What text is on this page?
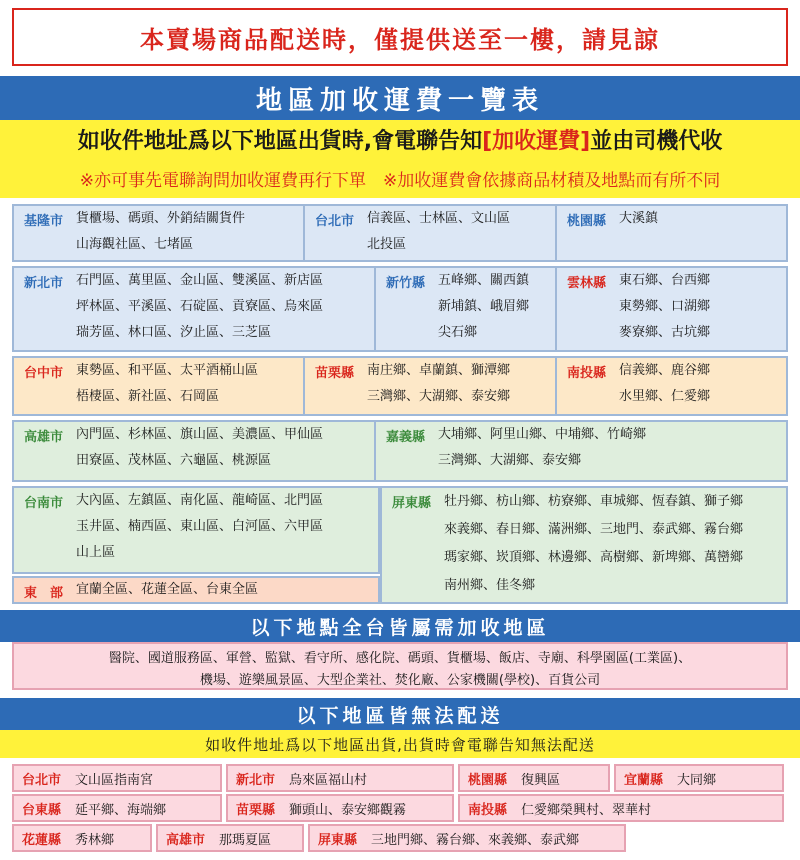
本賣場商品配送時，僅提供送至一樓，請見諒
地區加收運費一覽表
如收件地址爲以下地區出貨時,會電聯告知 [加收運費] 並由司機代收
※亦可事先電聯詢問加收運費再行下單　※加收運費會依據商品材積及地點而有所不同
基隆市 貨櫃場、碼頭、外銷結關貨件
山海觀社區、七堵區
台北市 信義區、士林區、文山區
北投區
桃園縣 大溪鎮
新北市 石門區、萬里區、金山區、雙溪區、新店區
坪林區、平溪區、石碇區、貢寮區、烏來區
瑞芳區、林口區、汐止區、三芝區
新竹縣 五峰鄉、關西鎮
新埔鎮、峨眉鄉
尖石鄉
雲林縣 東石鄉、台西鄉
東勢鄉、口湖鄉
麥寮鄉、古坑鄉
台中市 東勢區、和平區、太平酒桶山區
梧棲區、新社區、石岡區
苗栗縣 南庄鄉、卓蘭鎮、獅潭鄉
三灣鄉、大湖鄉、泰安鄉
南投縣 信義鄉、鹿谷鄉
水里鄉、仁愛鄉
高雄市 內門區、杉林區、旗山區、美濃區、甲仙區
田寮區、茂林區、六龜區、桃源區
嘉義縣 大埔鄉、阿里山鄉、中埔鄉、竹崎鄉
三灣鄉、大湖鄉、泰安鄉
台南市 大內區、左鎮區、南化區、龍崎區、北門區
玉井區、楠西區、東山區、白河區、六甲區
山上區
東　部 宜蘭全區、花蓮全區、台東全區
屏東縣 牡丹鄉、枋山鄉、枋寮鄉、車城鄉、恆春鎮、獅子鄉
來義鄉、春日鄉、滿洲鄉、三地門、泰武鄉、霧台鄉
瑪家鄉、崁頂鄉、林邊鄉、高樹鄉、新埤鄉、萬巒鄉
南州鄉、佳冬鄉
以下地點全台皆屬需加收地區
醫院、國道服務區、軍營、監獄、看守所、感化院、碼頭、貨櫃場、飯店、寺廟、科學園區(工業區)、
機場、遊樂風景區、大型企業社、焚化廠、公家機關(學校)、百貨公司
以下地區皆無法配送
如收件地址爲以下地區出貨,出貨時會電聯告知無法配送
台北市	文山區指南宮	新北市	烏來區福山村	桃園縣	復興區	宜蘭縣	大同鄉
台東縣	延平鄉、海端鄉	苗栗縣	獅頭山、泰安鄉觀霧	南投縣	仁愛鄉榮興村、翠華村
花蓮縣	秀林鄉	高雄市	那瑪夏區	屏東縣	三地門鄉、霧台鄉、來義鄉、泰武鄉
